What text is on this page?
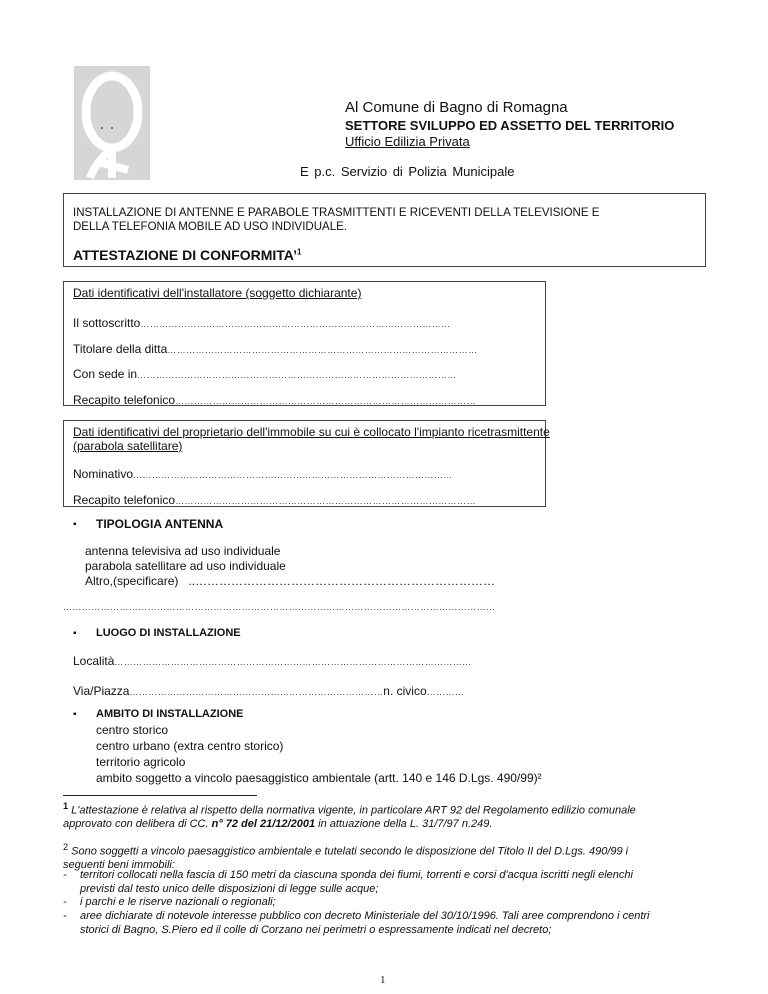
Al Comune di Bagno di Romagna
SETTORE SVILUPPO ED ASSETTO DEL TERRITORIO
Ufficio Edilizia Privata
E p.c. Servizio di Polizia Municipale
INSTALLAZIONE DI ANTENNE E PARABOLE TRASMITTENTI E RICEVENTI DELLA TELEVISIONE E
DELLA TELEFONIA MOBILE AD USO INDIVIDUALE.
ATTESTAZIONE DI CONFORMITA’$^1$
Dati identificativi dell'installatore (soggetto dichiarante)
Il sottoscritto………………………………………………………………………………………
Titolare della ditta………………………………………………………………………………………
Con sede in…………………………………………………………………………………………
Recapito telefonico……………………………………………………………………………………
Dati identificativi del proprietario dell'immobile su cui è collocato l'impianto ricetrasmittente
(parabola satellitare)
Nominativo…………………………………………………………………………………………
Recapito telefonico……………………………………………………………………………………
▪ TIPOLOGIA ANTENNA
antenna televisiva ad uso individuale
parabola satellitare ad uso individuale
Altro,(specificare) ..…………………………………………………………………
…………………………………………………………………………………………………………………………
▪ LUOGO DI INSTALLAZIONE
Località……………………………………………………………………………………………………
Via/Piazza………………………………………………………………………n. civico…………
▪ AMBITO DI INSTALLAZIONE
centro storico
centro urbano (extra centro storico)
territorio agricolo
ambito soggetto a vincolo paesaggistico ambientale (artt. 140 e 146 D.Lgs. 490/99)²
$^1$ L'attestazione è relativa al rispetto della normativa vigente, in particolare ART 92 del Regolamento edilizio comunale
approvato con delibera di CC. n° 72 del 21/12/2001 in attuazione della L. 31/7/97 n.249.
$^2$ Sono soggetti a vincolo paesaggistico ambientale e tutelati secondo le disposizione del Titolo II del D.Lgs. 490/99 i
seguenti beni immobili:
- territori collocati nella fascia di 150 metri da ciascuna sponda dei fiumi, torrenti e corsi d'acqua iscritti negli elenchi
previsti dal testo unico delle disposizioni di legge sulle acque;
- i parchi e le riserve nazionali o regionali;
- aree dichiarate di notevole interesse pubblico con decreto Ministeriale del 30/10/1996. Tali aree comprendono i centri
storici di Bagno, S.Piero ed il colle di Corzano nei perimetri o espressamente indicati nel decreto;
1
